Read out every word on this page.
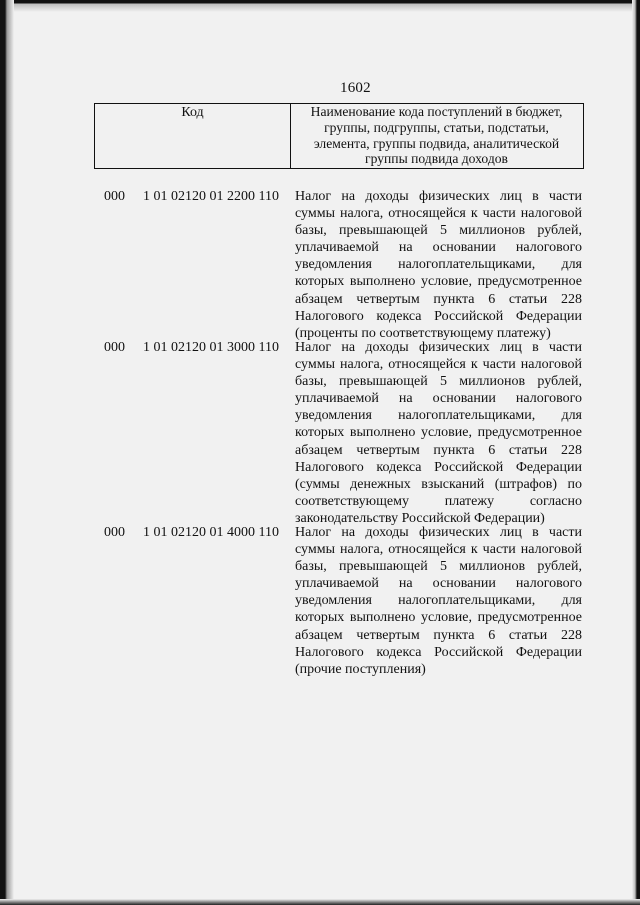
1602
Код	Наименование кода поступлений в бюджет,
группы, подгруппы, статьи, подстатьи,
элемента, группы подвида, аналитической
группы подвида доходов
000 1 01 02120 01 2200 110 Налог на доходы физических лиц в части
суммы налога, относящейся к части налоговой
базы, превышающей 5 миллионов рублей,
уплачиваемой на основании налогового
уведомления налогоплательщиками, для
которых выполнено условие, предусмотренное
абзацем четвертым пункта 6 статьи 228
Налогового кодекса Российской Федерации
(проценты по соответствующему платежу)
000 1 01 02120 01 3000 110 Налог на доходы физических лиц в части
суммы налога, относящейся к части налоговой
базы, превышающей 5 миллионов рублей,
уплачиваемой на основании налогового
уведомления налогоплательщиками, для
которых выполнено условие, предусмотренное
абзацем четвертым пункта 6 статьи 228
Налогового кодекса Российской Федерации
(суммы денежных взысканий (штрафов) по
соответствующему платежу согласно
законодательству Российской Федерации)
000 1 01 02120 01 4000 110 Налог на доходы физических лиц в части
суммы налога, относящейся к части налоговой
базы, превышающей 5 миллионов рублей,
уплачиваемой на основании налогового
уведомления налогоплательщиками, для
которых выполнено условие, предусмотренное
абзацем четвертым пункта 6 статьи 228
Налогового кодекса Российской Федерации
(прочие поступления)
